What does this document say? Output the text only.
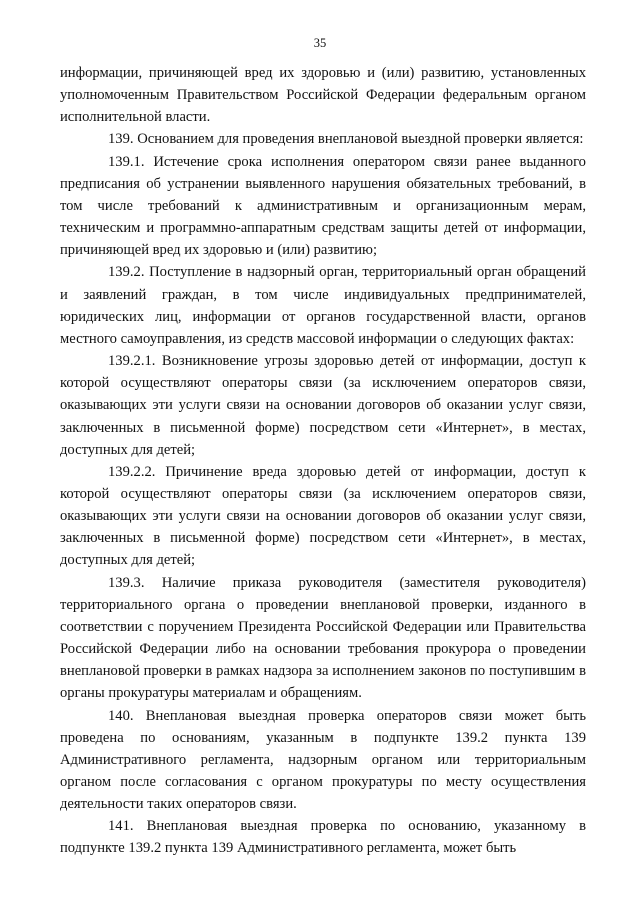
35

информации, причиняющей вред их здоровью и (или) развитию, установленных уполномоченным Правительством Российской Федерации федеральным органом исполнительной власти.

139. Основанием для проведения внеплановой выездной проверки является:

139.1. Истечение срока исполнения оператором связи ранее выданного предписания об устранении выявленного нарушения обязательных требований, в том числе требований к административным и организационным мерам, техническим и программно-аппаратным средствам защиты детей от информации, причиняющей вред их здоровью и (или) развитию;

139.2. Поступление в надзорный орган, территориальный орган обращений и заявлений граждан, в том числе индивидуальных предпринимателей, юридических лиц, информации от органов государственной власти, органов местного самоуправления, из средств массовой информации о следующих фактах:

139.2.1. Возникновение угрозы здоровью детей от информации, доступ к которой осуществляют операторы связи (за исключением операторов связи, оказывающих эти услуги связи на основании договоров об оказании услуг связи, заключенных в письменной форме) посредством сети «Интернет», в местах, доступных для детей;

139.2.2. Причинение вреда здоровью детей от информации, доступ к которой осуществляют операторы связи (за исключением операторов связи, оказывающих эти услуги связи на основании договоров об оказании услуг связи, заключенных в письменной форме) посредством сети «Интернет», в местах, доступных для детей;

139.3. Наличие приказа руководителя (заместителя руководителя) территориального органа о проведении внеплановой проверки, изданного в соответствии с поручением Президента Российской Федерации или Правительства Российской Федерации либо на основании требования прокурора о проведении внеплановой проверки в рамках надзора за исполнением законов по поступившим в органы прокуратуры материалам и обращениям.

140. Внеплановая выездная проверка операторов связи может быть проведена по основаниям, указанным в подпункте 139.2 пункта 139 Административного регламента, надзорным органом или территориальным органом после согласования с органом прокуратуры по месту осуществления деятельности таких операторов связи.

141. Внеплановая выездная проверка по основанию, указанному в подпункте 139.2 пункта 139 Административного регламента, может быть
